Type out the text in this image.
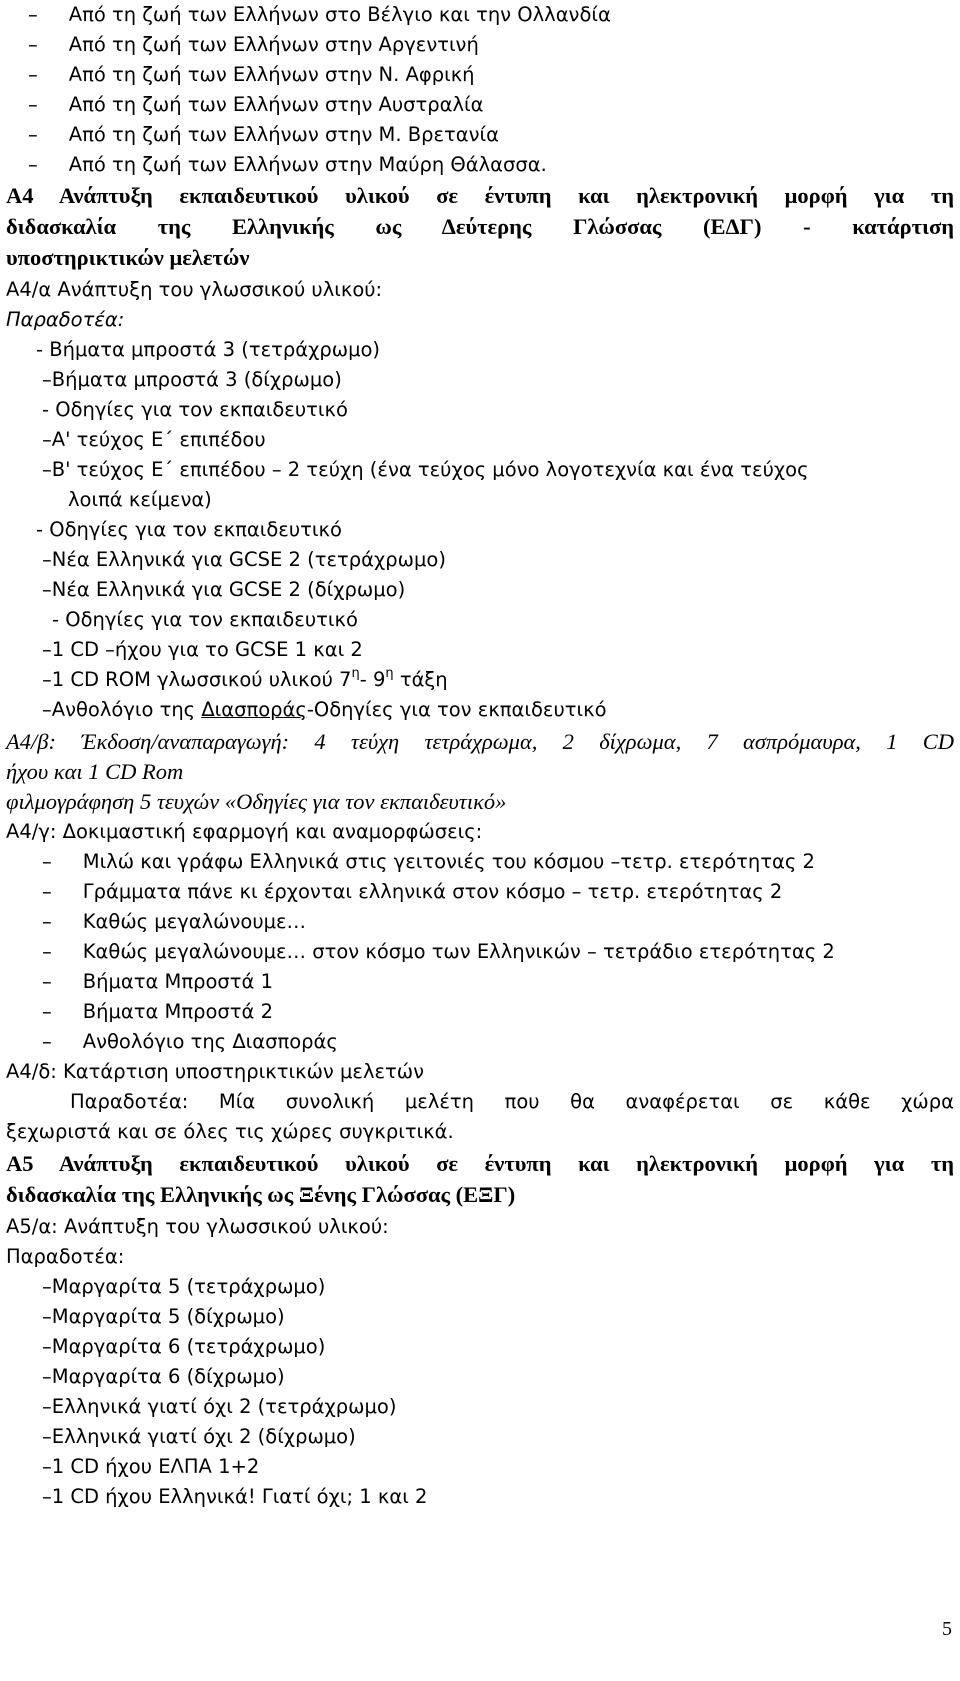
–     Από τη ζωή των Ελλήνων στο Βέλγιο και την Ολλανδία
–     Από τη ζωή των Ελλήνων στην Αργεντινή
–     Από τη ζωή των Ελλήνων στην Ν. Αφρική
–     Από τη ζωή των Ελλήνων στην Αυστραλία
–     Από τη ζωή των Ελλήνων στην Μ. Βρετανία
–     Από τη ζωή των Ελλήνων στην Μαύρη Θάλασσα.
Α4 Ανάπτυξη εκπαιδευτικού υλικού σε έντυπη και ηλεκτρονική μορφή για τη
διδασκαλία της Ελληνικής ως Δεύτερης Γλώσσας (ΕΔΓ) - κατάρτιση
υποστηρικτικών μελετών
Α4/α Ανάπτυξη του γλωσσικού υλικού:
Παραδοτέα:
- Βήματα μπροστά 3 (τετράχρωμο)
–Βήματα μπροστά 3 (δίχρωμο)
- Οδηγίες για τον εκπαιδευτικό
–Α' τεύχος Ε΄ επιπέδου
–Β' τεύχος Ε΄ επιπέδου – 2 τεύχη (ένα τεύχος μόνο λογοτεχνία και ένα τεύχος
λοιπά κείμενα)
- Οδηγίες για τον εκπαιδευτικό
–Νέα Ελληνικά για GCSE 2 (τετράχρωμο)
–Νέα Ελληνικά για GCSE 2 (δίχρωμο)
- Οδηγίες για τον εκπαιδευτικό
–1 CD –ήχου για το GCSE 1 και 2
–1 CD ROM γλωσσικού υλικού $7^\eta-$ $9^\eta$ τάξη
–Ανθολόγιο της Διασποράς-Οδηγίες για τον εκπαιδευτικό
Α4/β: Έκδοση/αναπαραγωγή: 4 τεύχη τετράχρωμα, 2 δίχρωμα, 7 ασπρόμαυρα, 1 CD
ήχου και 1 CD Rom
φιλμογράφηση 5 τευχών «Οδηγίες για τον εκπαιδευτικό»
Α4/γ: Δοκιμαστική εφαρμογή και αναμορφώσεις:
–     Μιλώ και γράφω Ελληνικά στις γειτονιές του κόσμου –τετρ. ετερότητας 2
–     Γράμματα πάνε κι έρχονται ελληνικά στον κόσμο – τετρ. ετερότητας 2
–     Καθώς μεγαλώνουμε…
–     Καθώς μεγαλώνουμε… στον κόσμο των Ελληνικών – τετράδιο ετερότητας 2
–     Βήματα Μπροστά 1
–     Βήματα Μπροστά 2
–     Ανθολόγιο της Διασποράς
Α4/δ: Κατάρτιση υποστηρικτικών μελετών
Παραδοτέα: Μία συνολική μελέτη που θα αναφέρεται σε κάθε χώρα
ξεχωριστά και σε όλες τις χώρες συγκριτικά.
Α5 Ανάπτυξη εκπαιδευτικού υλικού σε έντυπη και ηλεκτρονική μορφή για τη
διδασκαλία της Ελληνικής ως Ξένης Γλώσσας (ΕΞΓ)
Α5/α: Ανάπτυξη του γλωσσικού υλικού:
Παραδοτέα:
–Μαργαρίτα 5 (τετράχρωμο)
–Μαργαρίτα 5 (δίχρωμο)
–Μαργαρίτα 6 (τετράχρωμο)
–Μαργαρίτα 6 (δίχρωμο)
–Ελληνικά γιατί όχι 2 (τετράχρωμο)
–Ελληνικά γιατί όχι 2 (δίχρωμο)
–1 CD ήχου ΕΛΠΑ 1+2
–1 CD ήχου Ελληνικά! Γιατί όχι; 1 και 2
5
